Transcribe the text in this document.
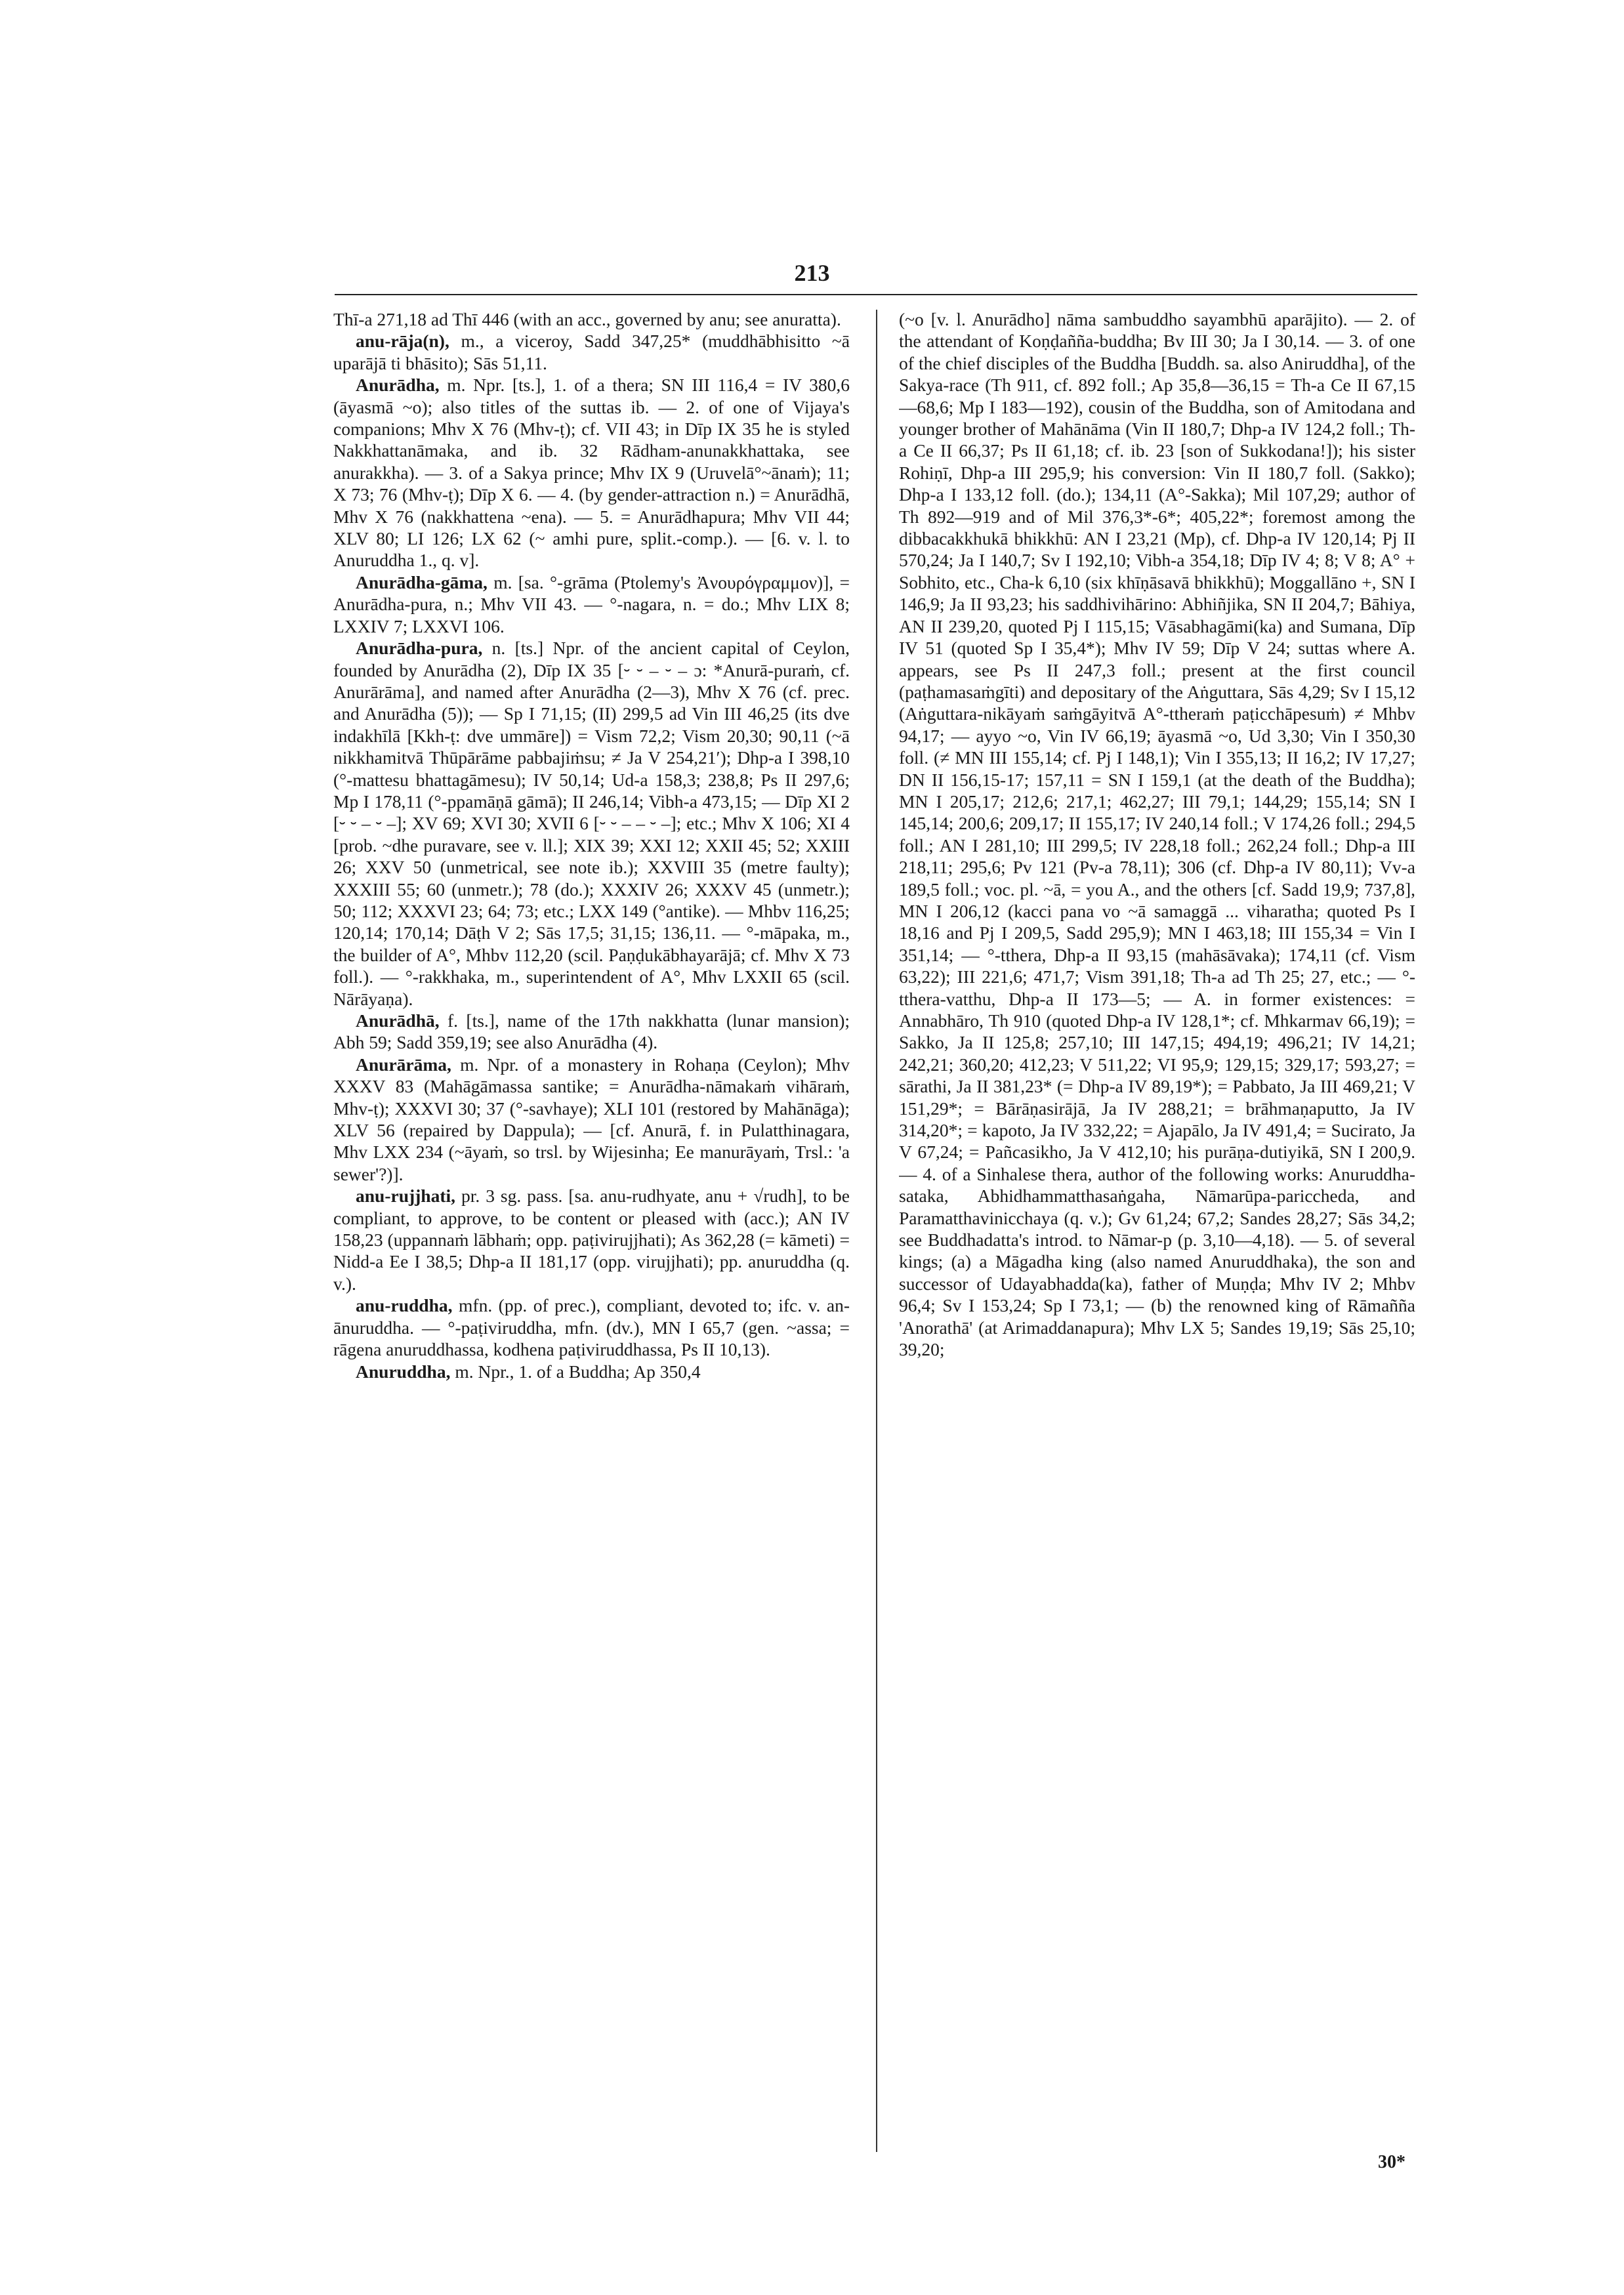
213

Thī-a 271,18 ad Thī 446 (with an acc., governed by anu; see anuratta).

anu-rāja(n), m., a viceroy, Sadd 347,25* (muddhābhisitto ~ā uparājā ti bhāsito); Sās 51,11.

Anurādha, m. Npr. [ts.], 1. of a thera; SN III 116,4 = IV 380,6 (āyasmā ~o); also titles of the suttas ib. — 2. of one of Vijaya's companions; Mhv X 76 (Mhv-ṭ); cf. VII 43; in Dīp IX 35 he is styled Nakkhattanāmaka, and ib. 32 Rādham-anunakkhattaka, see anurakkha). — 3. of a Sakya prince; Mhv IX 9 (Uruvelā°~ānaṁ); 11; X 73; 76 (Mhv-ṭ); Dīp X 6. — 4. (by gender-attraction n.) = Anurādhā, Mhv X 76 (nakkhattena ~ena). — 5. = Anurādhapura; Mhv VII 44; XLV 80; LI 126; LX 62 (~ amhi pure, split.-comp.). — [6. v. l. to Anuruddha 1., q. v].

Anurādha-gāma, m. [sa. °-grāma (Ptolemy's Ἀνουρόγραμμον)], = Anurādha-pura, n.; Mhv VII 43. — °-nagara, n. = do.; Mhv LIX 8; LXXIV 7; LXXVI 106.

Anurādha-pura, n. [ts.] Npr. of the ancient capital of Ceylon, founded by Anurādha (2), Dīp IX 35 [⏑ ⏑ – ⏑ – ɔ: *Anurā-puraṁ, cf. Anurārāma], and named after Anurādha (2—3), Mhv X 76 (cf. prec. and Anurādha (5)); — Sp I 71,15; (II) 299,5 ad Vin III 46,25 (its dve indakhīlā [Kkh-ṭ: dve ummāre]) = Vism 72,2; Vism 20,30; 90,11 (~ā nikkhamitvā Thūpārāme pabbajiṁsu; ≠ Ja V 254,21′); Dhp-a I 398,10 (°-mattesu bhattagāmesu); IV 50,14; Ud-a 158,3; 238,8; Ps II 297,6; Mp I 178,11 (°-ppamāṇā gāmā); II 246,14; Vibh-a 473,15; — Dīp XI 2 [⏑ ⏑ – ⏑ –]; XV 69; XVI 30; XVII 6 [⏑ ⏑ – – ⏑ –]; etc.; Mhv X 106; XI 4 [prob. ~dhe puravare, see v. ll.]; XIX 39; XXI 12; XXII 45; 52; XXIII 26; XXV 50 (unmetrical, see note ib.); XXVIII 35 (metre faulty); XXXIII 55; 60 (unmetr.); 78 (do.); XXXIV 26; XXXV 45 (unmetr.); 50; 112; XXXVI 23; 64; 73; etc.; LXX 149 (°antike). — Mhbv 116,25; 120,14; 170,14; Dāṭh V 2; Sās 17,5; 31,15; 136,11. — °-māpaka, m., the builder of A°, Mhbv 112,20 (scil. Paṇḍukābhayarājā; cf. Mhv X 73 foll.). — °-rakkhaka, m., superintendent of A°, Mhv LXXII 65 (scil. Nārāyaṇa).

Anurādhā, f. [ts.], name of the 17th nakkhatta (lunar mansion); Abh 59; Sadd 359,19; see also Anurādha (4).

Anurārāma, m. Npr. of a monastery in Rohaṇa (Ceylon); Mhv XXXV 83 (Mahāgāmassa santike; = Anurādha-nāmakaṁ vihāraṁ, Mhv-ṭ); XXXVI 30; 37 (°-savhaye); XLI 101 (restored by Mahānāga); XLV 56 (repaired by Dappula); — [cf. Anurā, f. in Pulatthinagara, Mhv LXX 234 (~āyaṁ, so trsl. by Wijesinha; Ee manurāyaṁ, Trsl.: 'a sewer'?)].

anu-rujjhati, pr. 3 sg. pass. [sa. anu-rudhyate, anu + √rudh], to be compliant, to approve, to be content or pleased with (acc.); AN IV 158,23 (uppannaṁ lābhaṁ; opp. paṭivirujjhati); As 362,28 (= kāmeti) = Nidd-a Ee I 38,5; Dhp-a II 181,17 (opp. virujjhati); pp. anuruddha (q. v.).

anu-ruddha, mfn. (pp. of prec.), compliant, devoted to; ifc. v. an-ānuruddha. — °-paṭiviruddha, mfn. (dv.), MN I 65,7 (gen. ~assa; = rāgena anuruddhassa, kodhena paṭiviruddhassa, Ps II 10,13).

Anuruddha, m. Npr., 1. of a Buddha; Ap 350,4

(~o [v. l. Anurādho] nāma sambuddho sayambhū aparājito). — 2. of the attendant of Koṇḍañña-buddha; Bv III 30; Ja I 30,14. — 3. of one of the chief disciples of the Buddha [Buddh. sa. also Aniruddha], of the Sakya-race (Th 911, cf. 892 foll.; Ap 35,8—36,15 = Th-a Ce II 67,15—68,6; Mp I 183—192), cousin of the Buddha, son of Amitodana and younger brother of Mahānāma (Vin II 180,7; Dhp-a IV 124,2 foll.; Th-a Ce II 66,37; Ps II 61,18; cf. ib. 23 [son of Sukkodana!]); his sister Rohiṇī, Dhp-a III 295,9; his conversion: Vin II 180,7 foll. (Sakko); Dhp-a I 133,12 foll. (do.); 134,11 (A°-Sakka); Mil 107,29; author of Th 892—919 and of Mil 376,3*-6*; 405,22*; foremost among the dibbacakkhukā bhikkhū: AN I 23,21 (Mp), cf. Dhp-a IV 120,14; Pj II 570,24; Ja I 140,7; Sv I 192,10; Vibh-a 354,18; Dīp IV 4; 8; V 8; A° + Sobhito, etc., Cha-k 6,10 (six khīṇāsavā bhikkhū); Moggallāno +, SN I 146,9; Ja II 93,23; his saddhivihārino: Abhiñjika, SN II 204,7; Bāhiya, AN II 239,20, quoted Pj I 115,15; Vāsabhagāmi(ka) and Sumana, Dīp IV 51 (quoted Sp I 35,4*); Mhv IV 59; Dīp V 24; suttas where A. appears, see Ps II 247,3 foll.; present at the first council (paṭhamasaṁgīti) and depositary of the Aṅguttara, Sās 4,29; Sv I 15,12 (Aṅguttara-nikāyaṁ saṁgāyitvā A°-ttheraṁ paṭicchāpesuṁ) ≠ Mhbv 94,17; — ayyo ~o, Vin IV 66,19; āyasmā ~o, Ud 3,30; Vin I 350,30 foll. (≠ MN III 155,14; cf. Pj I 148,1); Vin I 355,13; II 16,2; IV 17,27; DN II 156,15-17; 157,11 = SN I 159,1 (at the death of the Buddha); MN I 205,17; 212,6; 217,1; 462,27; III 79,1; 144,29; 155,14; SN I 145,14; 200,6; 209,17; II 155,17; IV 240,14 foll.; V 174,26 foll.; 294,5 foll.; AN I 281,10; III 299,5; IV 228,18 foll.; 262,24 foll.; Dhp-a III 218,11; 295,6; Pv 121 (Pv-a 78,11); 306 (cf. Dhp-a IV 80,11); Vv-a 189,5 foll.; voc. pl. ~ā, = you A., and the others [cf. Sadd 19,9; 737,8], MN I 206,12 (kacci pana vo ~ā samaggā ... viharatha; quoted Ps I 18,16 and Pj I 209,5, Sadd 295,9); MN I 463,18; III 155,34 = Vin I 351,14; — °-tthera, Dhp-a II 93,15 (mahāsāvaka); 174,11 (cf. Vism 63,22); III 221,6; 471,7; Vism 391,18; Th-a ad Th 25; 27, etc.; — °-tthera-vatthu, Dhp-a II 173—5; — A. in former existences: = Annabhāro, Th 910 (quoted Dhp-a IV 128,1*; cf. Mhkarmav 66,19); = Sakko, Ja II 125,8; 257,10; III 147,15; 494,19; 496,21; IV 14,21; 242,21; 360,20; 412,23; V 511,22; VI 95,9; 129,15; 329,17; 593,27; = sārathi, Ja II 381,23* (= Dhp-a IV 89,19*); = Pabbato, Ja III 469,21; V 151,29*; = Bārāṇasirājā, Ja IV 288,21; = brāhmaṇaputto, Ja IV 314,20*; = kapoto, Ja IV 332,22; = Ajapālo, Ja IV 491,4; = Sucirato, Ja V 67,24; = Pañcasikho, Ja V 412,10; his purāṇa-dutiyikā, SN I 200,9. — 4. of a Sinhalese thera, author of the following works: Anuruddha-sataka, Abhidhammatthasaṅgaha, Nāmarūpa-pariccheda, and Paramatthavinicchaya (q. v.); Gv 61,24; 67,2; Sandes 28,27; Sās 34,2; see Buddhadatta's introd. to Nāmar-p (p. 3,10—4,18). — 5. of several kings; (a) a Māgadha king (also named Anuruddhaka), the son and successor of Udayabhadda(ka), father of Muṇḍa; Mhv IV 2; Mhbv 96,4; Sv I 153,24; Sp I 73,1; — (b) the renowned king of Rāmañña 'Anorathā' (at Arimaddanapura); Mhv LX 5; Sandes 19,19; Sās 25,10; 39,20;

30*
